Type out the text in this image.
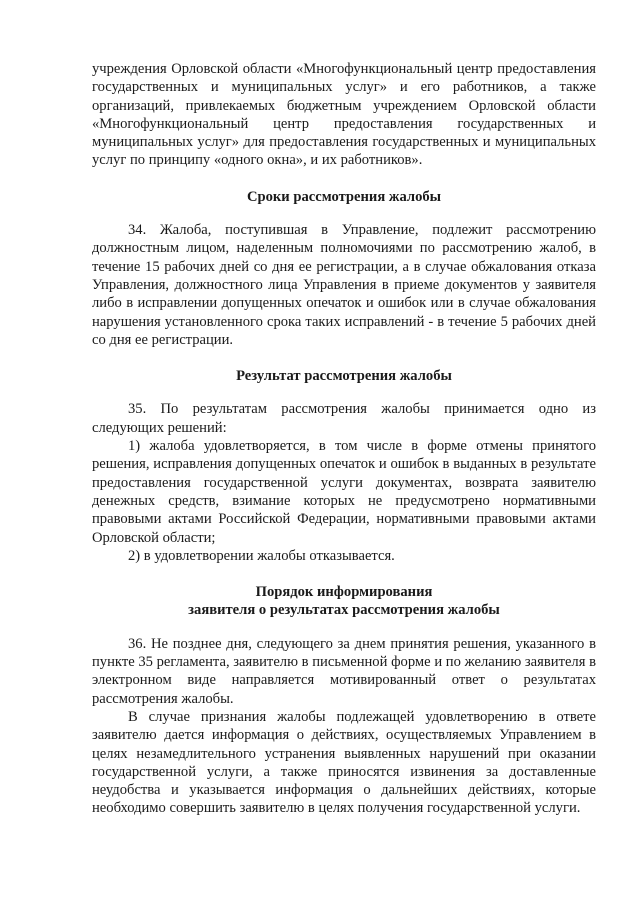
учреждения Орловской области «Многофункциональный центр предоставления государственных и муниципальных услуг» и его работников, а также организаций, привлекаемых бюджетным учреждением Орловской области «Многофункциональный центр предоставления государственных и муниципальных услуг» для предоставления государственных и муниципальных услуг по принципу «одного окна», и их работников».

Сроки рассмотрения жалобы

34. Жалоба, поступившая в Управление, подлежит рассмотрению должностным лицом, наделенным полномочиями по рассмотрению жалоб, в течение 15 рабочих дней со дня ее регистрации, а в случае обжалования отказа Управления, должностного лица Управления в приеме документов у заявителя либо в исправлении допущенных опечаток и ошибок или в случае обжалования нарушения установленного срока таких исправлений - в течение 5 рабочих дней со дня ее регистрации.

Результат рассмотрения жалобы

35. По результатам рассмотрения жалобы принимается одно из следующих решений:

1) жалоба удовлетворяется, в том числе в форме отмены принятого решения, исправления допущенных опечаток и ошибок в выданных в результате предоставления государственной услуги документах, возврата заявителю денежных средств, взимание которых не предусмотрено нормативными правовыми актами Российской Федерации, нормативными правовыми актами Орловской области;

2) в удовлетворении жалобы отказывается.

Порядок информирования

заявителя о результатах рассмотрения жалобы

36. Не позднее дня, следующего за днем принятия решения, указанного в пункте 35 регламента, заявителю в письменной форме и по желанию заявителя в электронном виде направляется мотивированный ответ о результатах рассмотрения жалобы.

В случае признания жалобы подлежащей удовлетворению в ответе заявителю дается информация о действиях, осуществляемых Управлением в целях незамедлительного устранения выявленных нарушений при оказании государственной услуги, а также приносятся извинения за доставленные неудобства и указывается информация о дальнейших действиях, которые необходимо совершить заявителю в целях получения государственной услуги.
